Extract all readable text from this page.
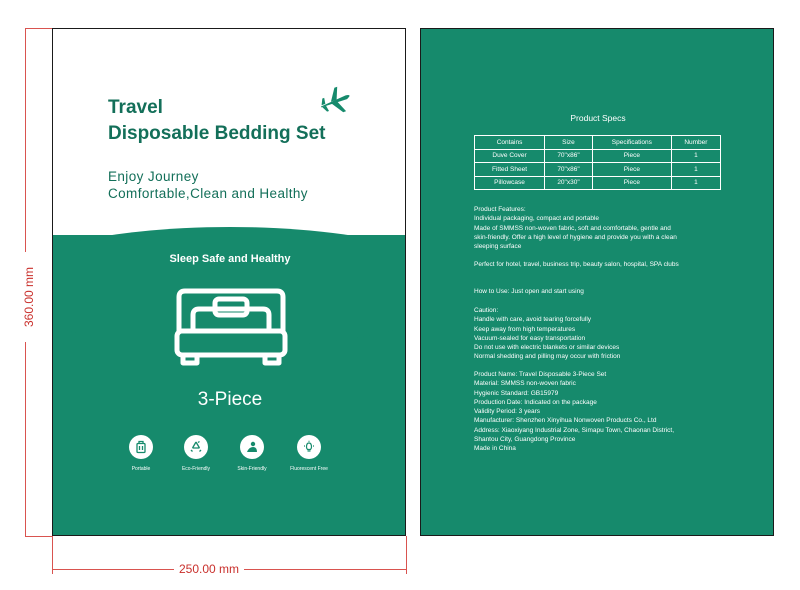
360.00 mm
250.00 mm
Travel
Disposable Bedding Set
Enjoy Journey
Comfortable,Clean and Healthy
Sleep Safe and Healthy
3-Piece
Portable	Eco-Friendly	Skin-Friendly	Fluorescent Free
Product Specs
Contains	Size	Specifications	Number
Duve Cover	70"x86"	Piece	1
Fitted Sheet	70"x86"	Piece	1
Pillowcase	20"x30"	Piece	1
Product Features:
Individual packaging, compact and portable
Made of SMMSS non-woven fabric, soft and comfortable, gentle and
skin-friendly. Offer a high level of hygiene and provide you with a clean
sleeping surface
Perfect for hotel, travel, business trip, beauty salon, hospital, SPA clubs
How to Use: Just open and start using
Caution:
Handle with care, avoid tearing forcefully
Keep away from high temperatures
Vacuum-sealed for easy transportation
Do not use with electric blankets or similar devices
Normal shedding and pilling may occur with friction
Product Name: Travel Disposable 3-Piece Set
Material: SMMSS non-woven fabric
Hygienic Standard: GB15979
Production Date: Indicated on the package
Validity Period: 3 years
Manufacturer: Shenzhen Xinyihua Nonwoven Products Co., Ltd
Address: Xiaoxiyang Industrial Zone, Simapu Town, Chaonan District,
Shantou City, Guangdong Province
Made in China
